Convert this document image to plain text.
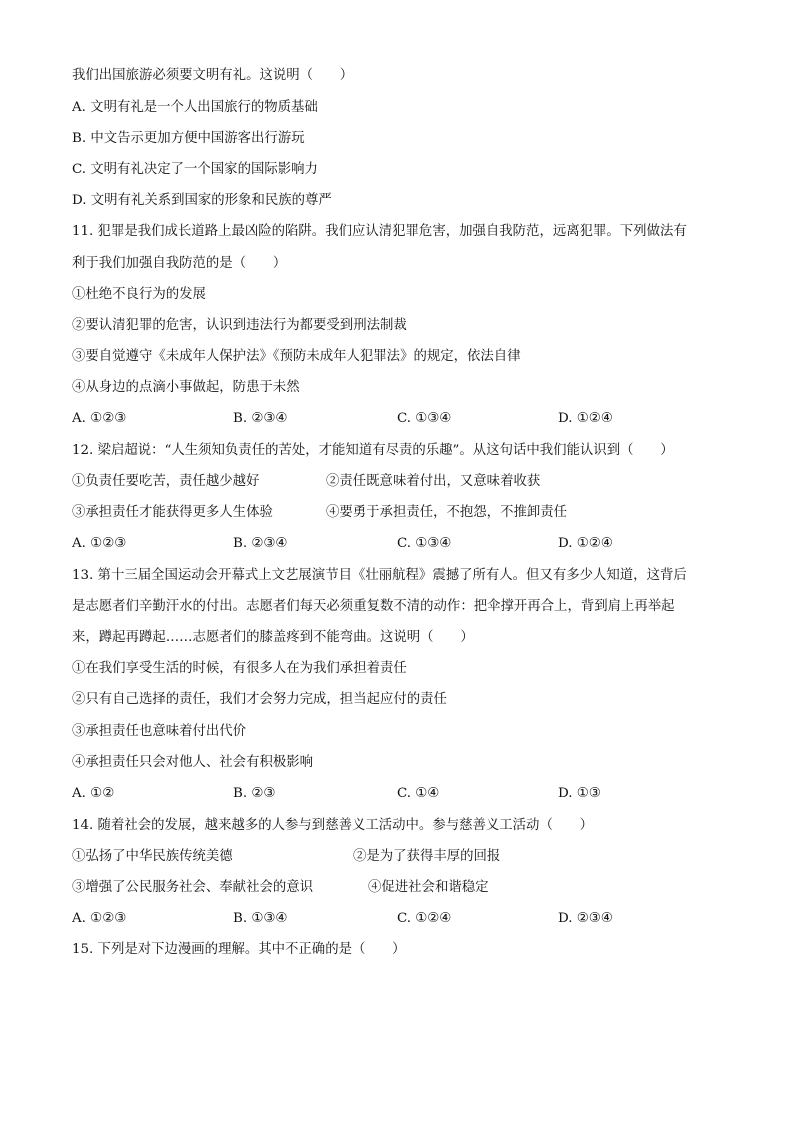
我们出国旅游必须要文明有礼。这说明（　　）
A. 文明有礼是一个人出国旅行的物质基础
B. 中文告示更加方便中国游客出行游玩
C. 文明有礼决定了一个国家的国际影响力
D. 文明有礼关系到国家的形象和民族的尊严
11. 犯罪是我们成长道路上最凶险的陷阱。我们应认清犯罪危害，加强自我防范，远离犯罪。下列做法有
利于我们加强自我防范的是（　　）
①杜绝不良行为的发展
②要认清犯罪的危害，认识到违法行为都要受到刑法制裁
③要自觉遵守《未成年人保护法》《预防未成年人犯罪法》的规定，依法自律
④从身边的点滴小事做起，防患于未然
A. ①②③	B. ②③④	C. ①③④	D. ①②④
12. 梁启超说：“人生须知负责任的苦处，才能知道有尽责的乐趣”。从这句话中我们能认识到（　　）
①负责任要吃苦，责任越少越好	②责任既意味着付出，又意味着收获
③承担责任才能获得更多人生体验	④要勇于承担责任，不抱怨，不推卸责任
A. ①②③	B. ②③④	C. ①③④	D. ①②④
13. 第十三届全国运动会开幕式上文艺展演节目《壮丽航程》震撼了所有人。但又有多少人知道，这背后
是志愿者们辛勤汗水的付出。志愿者们每天必须重复数不清的动作：把伞撑开再合上，背到肩上再举起
来，蹲起再蹲起……志愿者们的膝盖疼到不能弯曲。这说明（　　）
①在我们享受生活的时候，有很多人在为我们承担着责任
②只有自己选择的责任，我们才会努力完成，担当起应付的责任
③承担责任也意味着付出代价
④承担责任只会对他人、社会有积极影响
A. ①②	B. ②③	C. ①④	D. ①③
14. 随着社会的发展，越来越多的人参与到慈善义工活动中。参与慈善义工活动（　　）
①弘扬了中华民族传统美德	②是为了获得丰厚的回报
③增强了公民服务社会、奉献社会的意识	④促进社会和谐稳定
A. ①②③	B. ①③④	C. ①②④	D. ②③④
15. 下列是对下边漫画的理解。其中不正确的是（　　）
